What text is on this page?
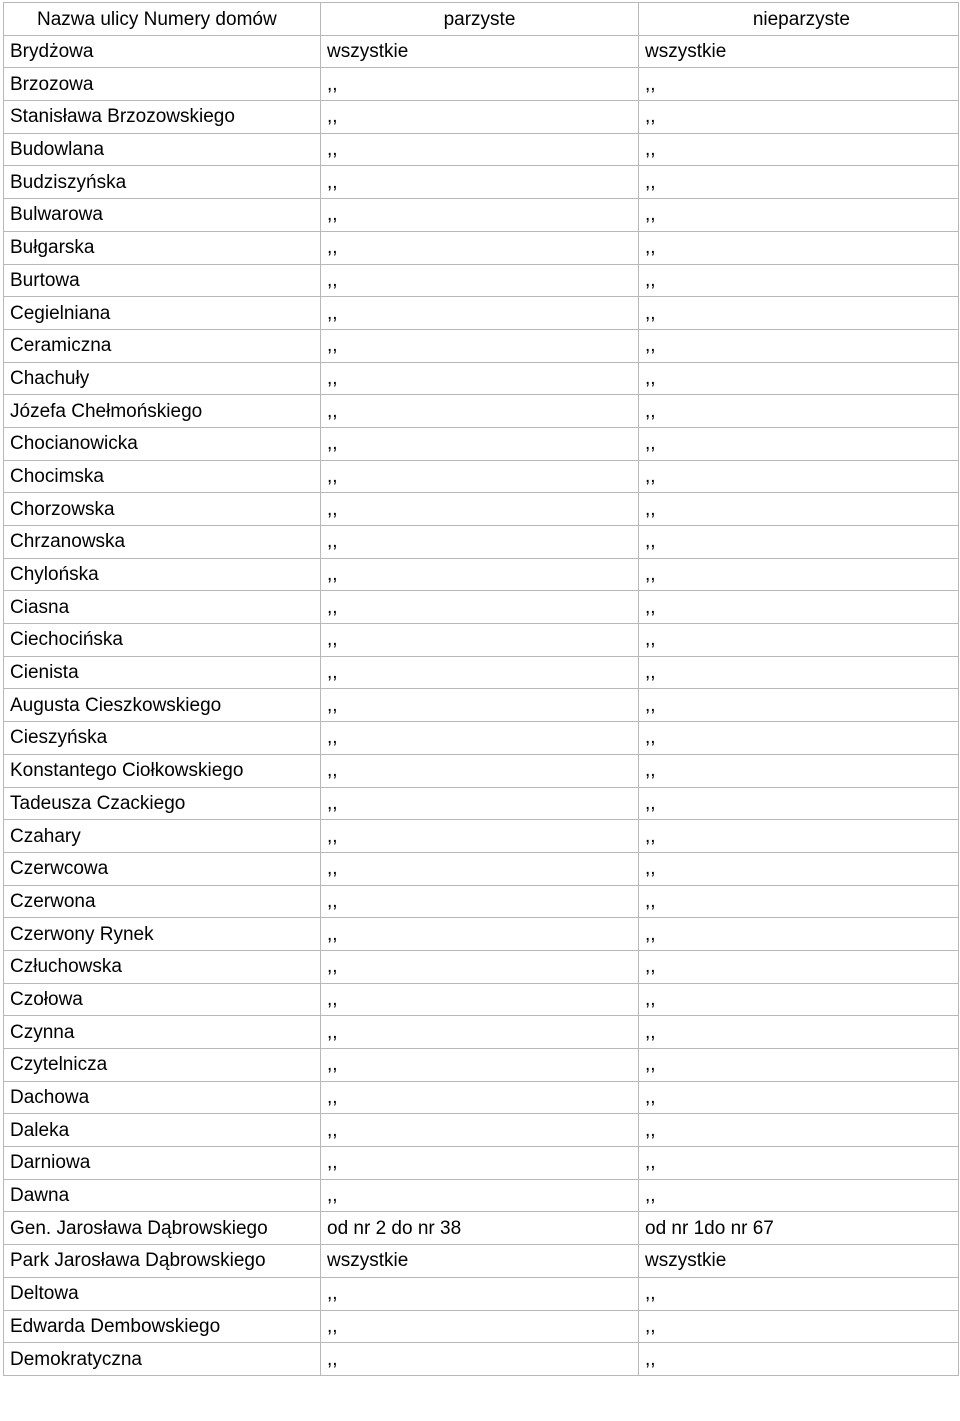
Nazwa ulicy Numery domów	parzyste	nieparzyste
Brydżowa	wszystkie	wszystkie
Brzozowa	,,	,,
Stanisława Brzozowskiego	,,	,,
Budowlana	,,	,,
Budziszyńska	,,	,,
Bulwarowa	,,	,,
Bułgarska	,,	,,
Burtowa	,,	,,
Cegielniana	,,	,,
Ceramiczna	,,	,,
Chachuły	,,	,,
Józefa Chełmońskiego	,,	,,
Chocianowicka	,,	,,
Chocimska	,,	,,
Chorzowska	,,	,,
Chrzanowska	,,	,,
Chylońska	,,	,,
Ciasna	,,	,,
Ciechocińska	,,	,,
Cienista	,,	,,
Augusta Cieszkowskiego	,,	,,
Cieszyńska	,,	,,
Konstantego Ciołkowskiego	,,	,,
Tadeusza Czackiego	,,	,,
Czahary	,,	,,
Czerwcowa	,,	,,
Czerwona	,,	,,
Czerwony Rynek	,,	,,
Człuchowska	,,	,,
Czołowa	,,	,,
Czynna	,,	,,
Czytelnicza	,,	,,
Dachowa	,,	,,
Daleka	,,	,,
Darniowa	,,	,,
Dawna	,,	,,
Gen. Jarosława Dąbrowskiego	od nr 2 do nr 38	od nr 1do nr 67
Park Jarosława Dąbrowskiego	wszystkie	wszystkie
Deltowa	,,	,,
Edwarda Dembowskiego	,,	,,
Demokratyczna	,,	,,
